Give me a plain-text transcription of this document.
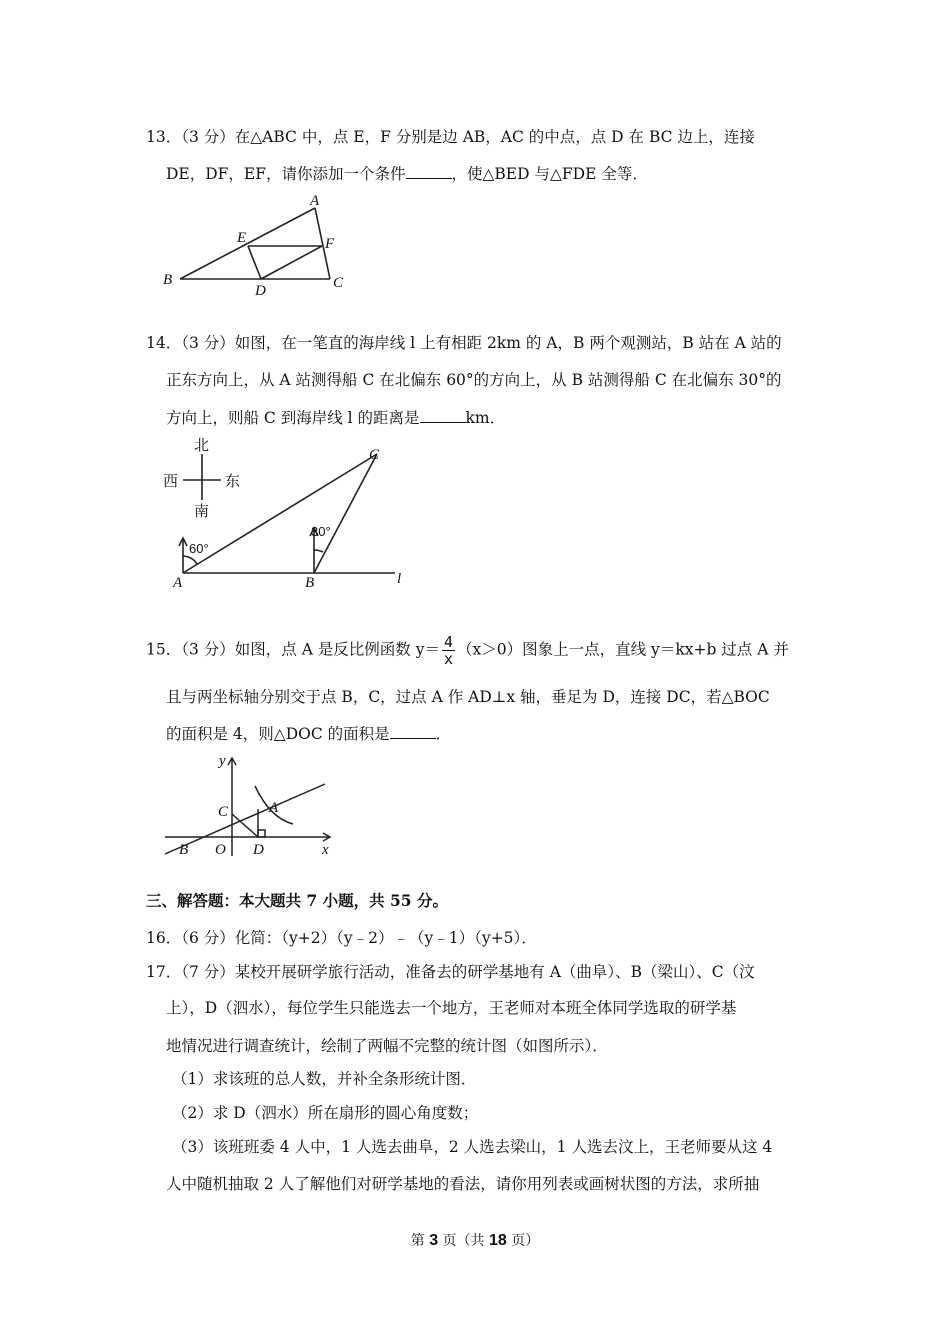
13．（3 分）在△ABC 中，点 E，F 分别是边 AB，AC 的中点，点 D 在 BC 边上，连接
DE，DF，EF，请你添加一个条件	，使△BED 与△FDE 全等．
A
B	C
D
E	F
14．（3 分）如图，在一笔直的海岸线 l 上有相距 2km 的 A，B 两个观测站，B 站在 A 站的
正东方向上，从 A 站测得船 C 在北偏东 60°的方向上，从 B 站测得船 C 在北偏东 30°的
方向上，则船 C 到海岸线 l 的距离是	km．
北
南
西	东
60°
30°
A	B
C
l
15．（3 分）如图，点 A 是反比例函数 $y= \frac{4}{x} (x>0)$图象上一点，直线 y＝kx+b 过点 A 并
且与两坐标轴分别交于点 B，C，过点 A 作 AD⊥x 轴，垂足为 D，连接 DC，若△BOC
的面积是 4，则△DOC 的面积是	．
y
x
C	A
B O D
三、解答题：本大题共 7 小题，共 55 分。
16．（6 分）化简：（y+2）（y﹣2）﹣（y﹣1）（y+5）．
17．（7 分）某校开展研学旅行活动，准备去的研学基地有 A（曲阜）、B（梁山）、C（汶
上），D（泗水），每位学生只能选去一个地方，王老师对本班全体同学选取的研学基
地情况进行调查统计，绘制了两幅不完整的统计图（如图所示）．
（1）求该班的总人数，并补全条形统计图．
（2）求 D（泗水）所在扇形的圆心角度数；
（3）该班班委 4 人中，1 人选去曲阜，2 人选去梁山，1 人选去汶上，王老师要从这 4
人中随机抽取 2 人了解他们对研学基地的看法，请你用列表或画树状图的方法，求所抽
第 3 页（共 18 页）
